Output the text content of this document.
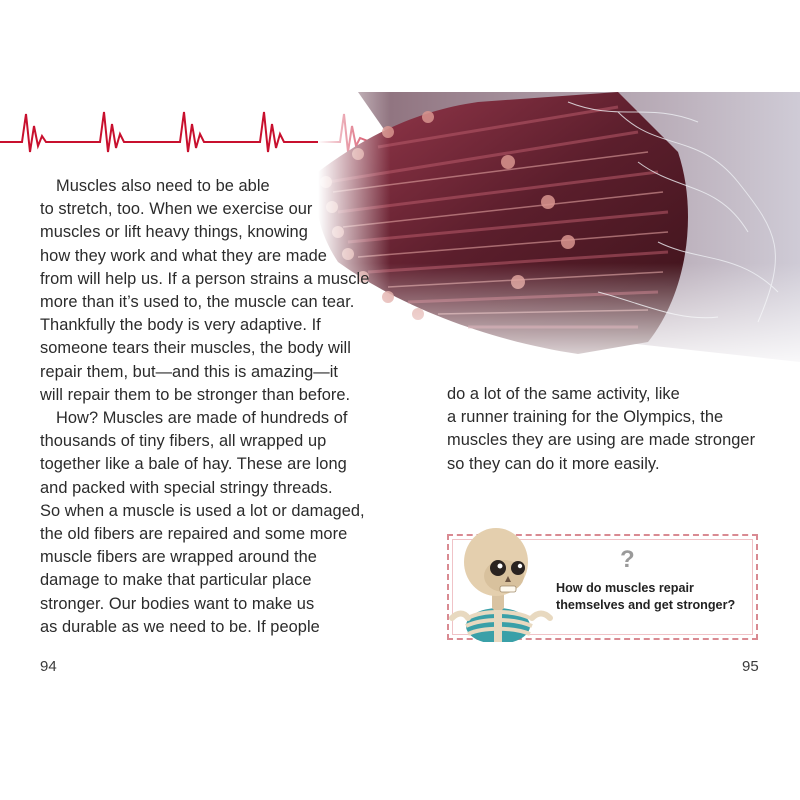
Muscles also need to be able
to stretch, too. When we exercise our
muscles or lift heavy things, knowing
how they work and what they are made
from will help us. If a person strains a muscle
more than it’s used to, the muscle can tear.
Thankfully the body is very adaptive. If
someone tears their muscles, the body will
repair them, but—and this is amazing—it
will repair them to be stronger than before.
How? Muscles are made of hundreds of
thousands of tiny fibers, all wrapped up
together like a bale of hay. These are long
and packed with special stringy threads.
So when a muscle is used a lot or damaged,
the old fibers are repaired and some more
muscle fibers are wrapped around the
damage to make that particular place
stronger. Our bodies want to make us
as durable as we need to be. If people
do a lot of the same activity, like
a runner training for the Olympics, the
muscles they are using are made stronger
so they can do it more easily.
?
How do muscles repair
themselves and get stronger?
94	95
